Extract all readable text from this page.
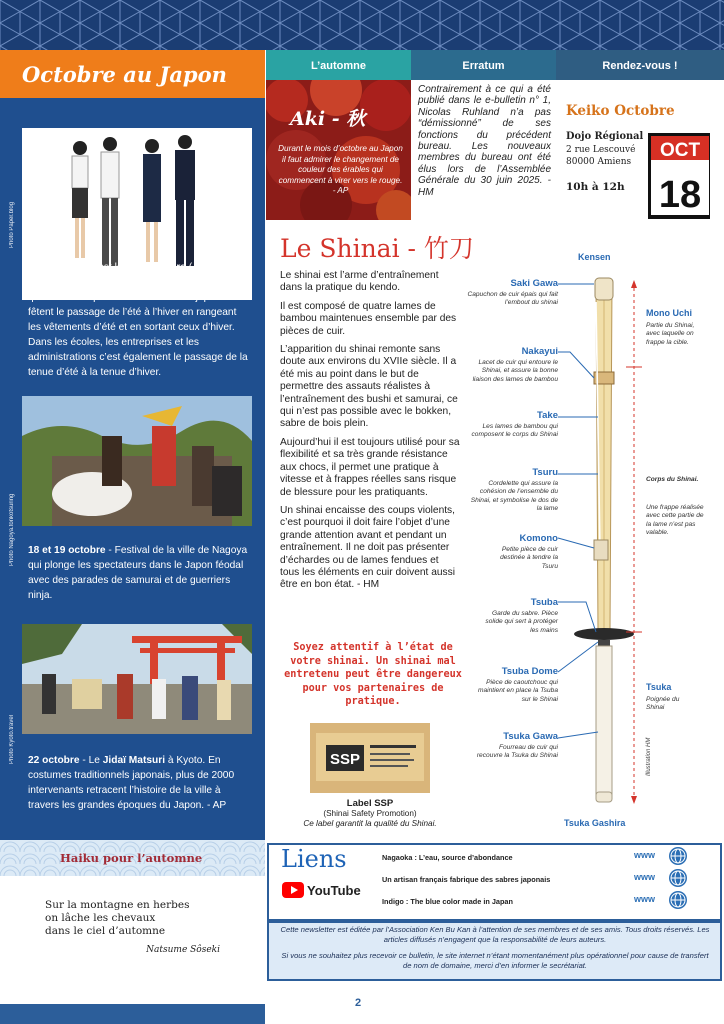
Octobre au Japon
Photo Paper.blog
01 octobre - C’est le Koromogare (« changement de vêtements »). C’est une tradition qui remonte à plus de 1200 ans. Les japonais fêtent le passage de l’été à l’hiver en rangeant les vêtements d’été et en sortant ceux d’hiver. Dans les écoles, les entreprises et les administrations c’est également le passage de la tenue d’été à la tenue d’hiver.
Photo Nagoya.tonkotsuring 18 et 19 octobre - Festival de la ville de Nagoya qui plonge les spectateurs dans le Japon féodal avec des parades de samurai et de guerriers ninja.
Photo Kyoto.travel 22 octobre - Le Jidaï Matsuri à Kyoto. En costumes traditionnels japonais, plus de 2000 intervenants retracent l’histoire de la ville à travers les grandes époques du Japon. - AP
L’automne	Erratum	Rendez-vous !
Aki - 秋
Durant le mois d’octobre au Japon il faut admirer le changement de couleur des érables qui commencent à virer vers le rouge. - AP
Contrairement à ce qui a été publié dans le e-bulletin n° 1, Nicolas Ruhland n’a pas “démissionné” de ses fonctions du précédent bureau. Les nouveaux membres du bureau ont été élus lors de l’Assemblée Générale du 30 juin 2025. - HM
Keiko Octobre
Dojo Régional
2 rue Lescouvé 80000 Amiens
10h à 12h
OCT
18
Le Shinai - 竹刀

Le shinai est l’arme d’entraînement dans la pratique du kendo.

Il est composé de quatre lames de bambou maintenues ensemble par des pièces de cuir.

L’apparition du shinai remonte sans doute aux environs du XVIIe siècle. Il a été mis au point dans le but de permettre des assauts réalistes à l’entraînement des bushi et samurai, ce qui n’est pas possible avec le bokken, sabre de bois plein.

Aujourd’hui il est toujours utilisé pour sa flexibilité et sa très grande résistance aux chocs, il permet une pratique à vitesse et à frappes réelles sans risque de blessure pour les pratiquants.

Un shinai encaisse des coups violents, c’est pourquoi il doit faire l’objet d’une grande attention avant et pendant un entraînement. Il ne doit pas présenter d’échardes ou de lames fendues et tous les éléments en cuir doivent aussi être en bon état. - HM

Soyez attentif à l’état de votre shinai. Un shinai mal entretenu peut être dangereux pour vos partenaires de pratique.
SSP
Label SSP
(Shinai Safety Promotion)
Ce label garantit la qualité du Shinai.
Kensen
Saki Gawa
Capuchon de cuir épais qui fait l’embout du shinai
Nakayui
Lacet de cuir qui entoure le Shinai, et assure la bonne liaison des lames de bambou
Take
Les lames de bambou qui composent le corps du Shinai
Tsuru
Cordelette qui assure la cohésion de l’ensemble du Shinai, et symbolise le dos de la lame
Komono
Petite pièce de cuir destinée à tendre la Tsuru
Tsuba
Garde du sabre. Pièce solide qui sert à protéger les mains
Tsuba Dome
Pièce de caoutchouc qui maintient en place la Tsuba sur le Shinai
Tsuka Gawa
Fourreau de cuir qui recouvre la Tsuka du Shinai
Mono Uchi
Partie du Shinai, avec laquelle on frappe la cible.
Corps du Shinai.
Une frappe réalisée avec cette partie de la lame n’est pas valable.
Tsuka
Poignée du Shinai
Tsuka Gashira
Illustration HM
Haiku pour l’automne
Sur la montagne en herbes
on lâche les chevaux
dans le ciel d’automne
Natsume Sôseki
Liens
YouTube
Nagaoka : L’eau, source d’abondance
Un artisan français fabrique des sabres japonais
Indigo : The blue color made in Japan
www
www
www
Cette newsletter est éditée par l’Association Ken Bu Kan à l’attention de ses membres et de ses amis. Tous droits réservés. Les articles diffusés n’engagent que la responsabilité de leurs auteurs.
Si vous ne souhaitez plus recevoir ce bulletin, le site internet n’étant momentanément plus opérationnel pour cause de transfert de nom de domaine, merci d’en informer le secrétariat.
2
